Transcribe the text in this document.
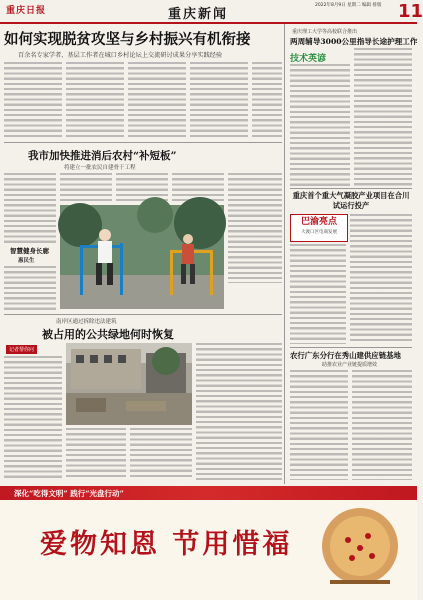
重庆日报	重庆新闻
2022年8月9日 星期二 编辑 排版 11
如何实现脱贫攻坚与乡村振兴有机衔接
百余名专家学者、基层工作者在城口乡村论坛上交流研讨成果分享实践经验
我市加快推进消后农村“补短板”
将建立一批农民自建骨干工程
智慧健身长廊
惠民生
南岸区通过拆除违法建筑
被占用的公共绿地何时恢复
记者帮你问
重庆理工大学等高校联合推出
两周辅导3000公里指导长途护理工作
技术英谚
重庆首个重大气凝胶产业项目在合川试运行投产
巴渝亮点
大渡口区电商发展
农行广东分行在秀山建供应链基地
助推农业产业链提质增效
深化“吃得文明” 践行“光盘行动”
爱物知恩 节用惜福
